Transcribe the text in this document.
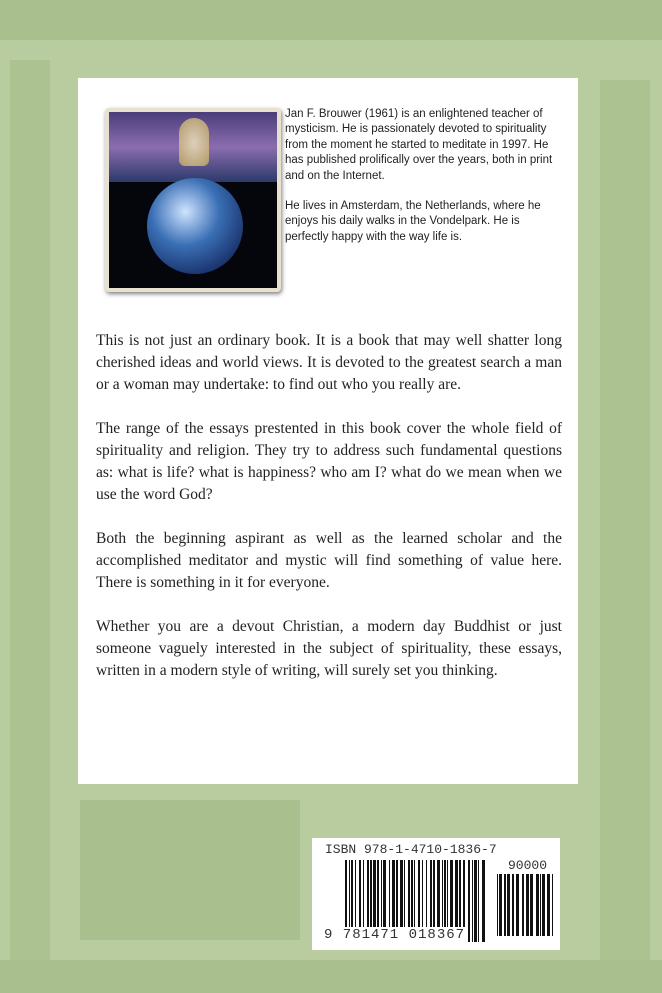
Jan F. Brouwer (1961) is an enlightened teacher of mysticism. He is passionately devoted to spirituality from the moment he started to meditate in 1997. He has published prolifically over the years, both in print and on the Internet.

He lives in Amsterdam, the Netherlands, where he enjoys his daily walks in the Vondelpark. He is perfectly happy with the way life is.

This is not just an ordinary book. It is a book that may well shatter long cherished ideas and world views. It is devoted to the greatest search a man or a woman may undertake: to find out who you really are.

The range of the essays prestented in this book cover the whole field of spirituality and religion. They try to address such fundamental questions as: what is life? what is happiness? who am I? what do we mean when we use the word God?

Both the beginning aspirant as well as the learned scholar and the accomplished meditator and mystic will find something of value here. There is something in it for everyone.

Whether you are a devout Christian, a modern day Buddhist or just someone vaguely interested in the subject of spirituality, these essays, written in a modern style of writing, will surely set you thinking.

ISBN 978-1-4710-1836-7
90000
9 781471 018367
